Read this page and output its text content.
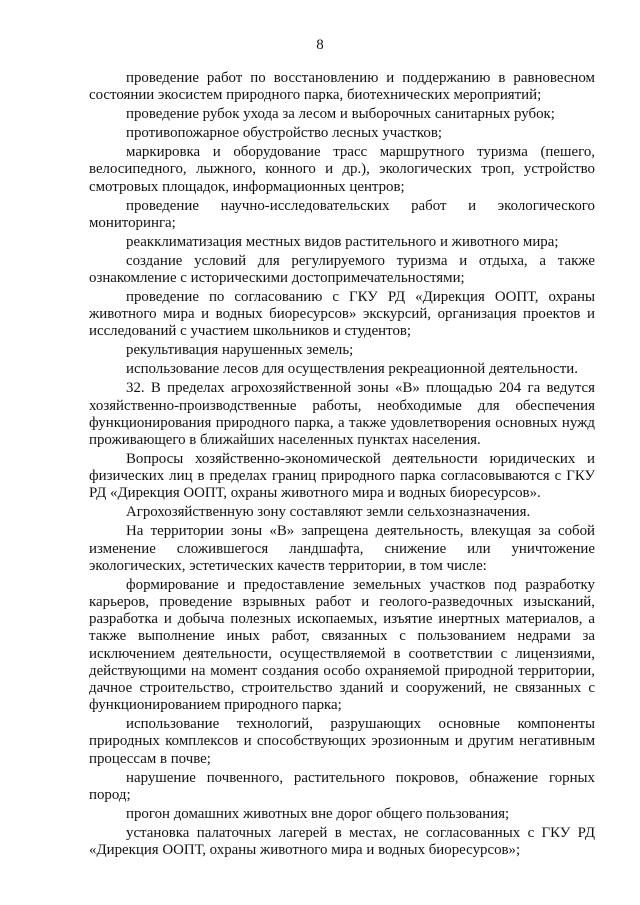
8

проведение работ по восстановлению и поддержанию в равновесном состоянии экосистем природного парка, биотехнических мероприятий;

проведение рубок ухода за лесом и выборочных санитарных рубок;

противопожарное обустройство лесных участков;

маркировка и оборудование трасс маршрутного туризма (пешего, велосипедного, лыжного, конного и др.), экологических троп, устройство смотровых площадок, информационных центров;

проведение научно-исследовательских работ и экологического мониторинга;

реакклиматизация местных видов растительного и животного мира;

создание условий для регулируемого туризма и отдыха, а также ознакомление с историческими достопримечательностями;

проведение по согласованию с ГКУ РД «Дирекция ООПТ, охраны животного мира и водных биоресурсов» экскурсий, организация проектов и исследований с участием школьников и студентов;

рекультивация нарушенных земель;

использование лесов для осуществления рекреационной деятельности.

32. В пределах агрохозяйственной зоны «В» площадью 204 га ведутся хозяйственно-производственные работы, необходимые для обеспечения функционирования природного парка, а также удовлетворения основных нужд проживающего в ближайших населенных пунктах населения.

Вопросы хозяйственно-экономической деятельности юридических и физических лиц в пределах границ природного парка согласовываются с ГКУ РД «Дирекция ООПТ, охраны животного мира и водных биоресурсов».

Агрохозяйственную зону составляют земли сельхозназначения.

На территории зоны «В» запрещена деятельность, влекущая за собой изменение сложившегося ландшафта, снижение или уничтожение экологических, эстетических качеств территории, в том числе:

формирование и предоставление земельных участков под разработку карьеров, проведение взрывных работ и геолого-разведочных изысканий, разработка и добыча полезных ископаемых, изъятие инертных материалов, а также выполнение иных работ, связанных с пользованием недрами за исключением деятельности, осуществляемой в соответствии с лицензиями, действующими на момент создания особо охраняемой природной территории, дачное строительство, строительство зданий и сооружений, не связанных с функционированием природного парка;

использование технологий, разрушающих основные компоненты природных комплексов и способствующих эрозионным и другим негативным процессам в почве;

нарушение почвенного, растительного покровов, обнажение горных пород;

прогон домашних животных вне дорог общего пользования;

установка палаточных лагерей в местах, не согласованных с ГКУ РД «Дирекция ООПТ, охраны животного мира и водных биоресурсов»;
